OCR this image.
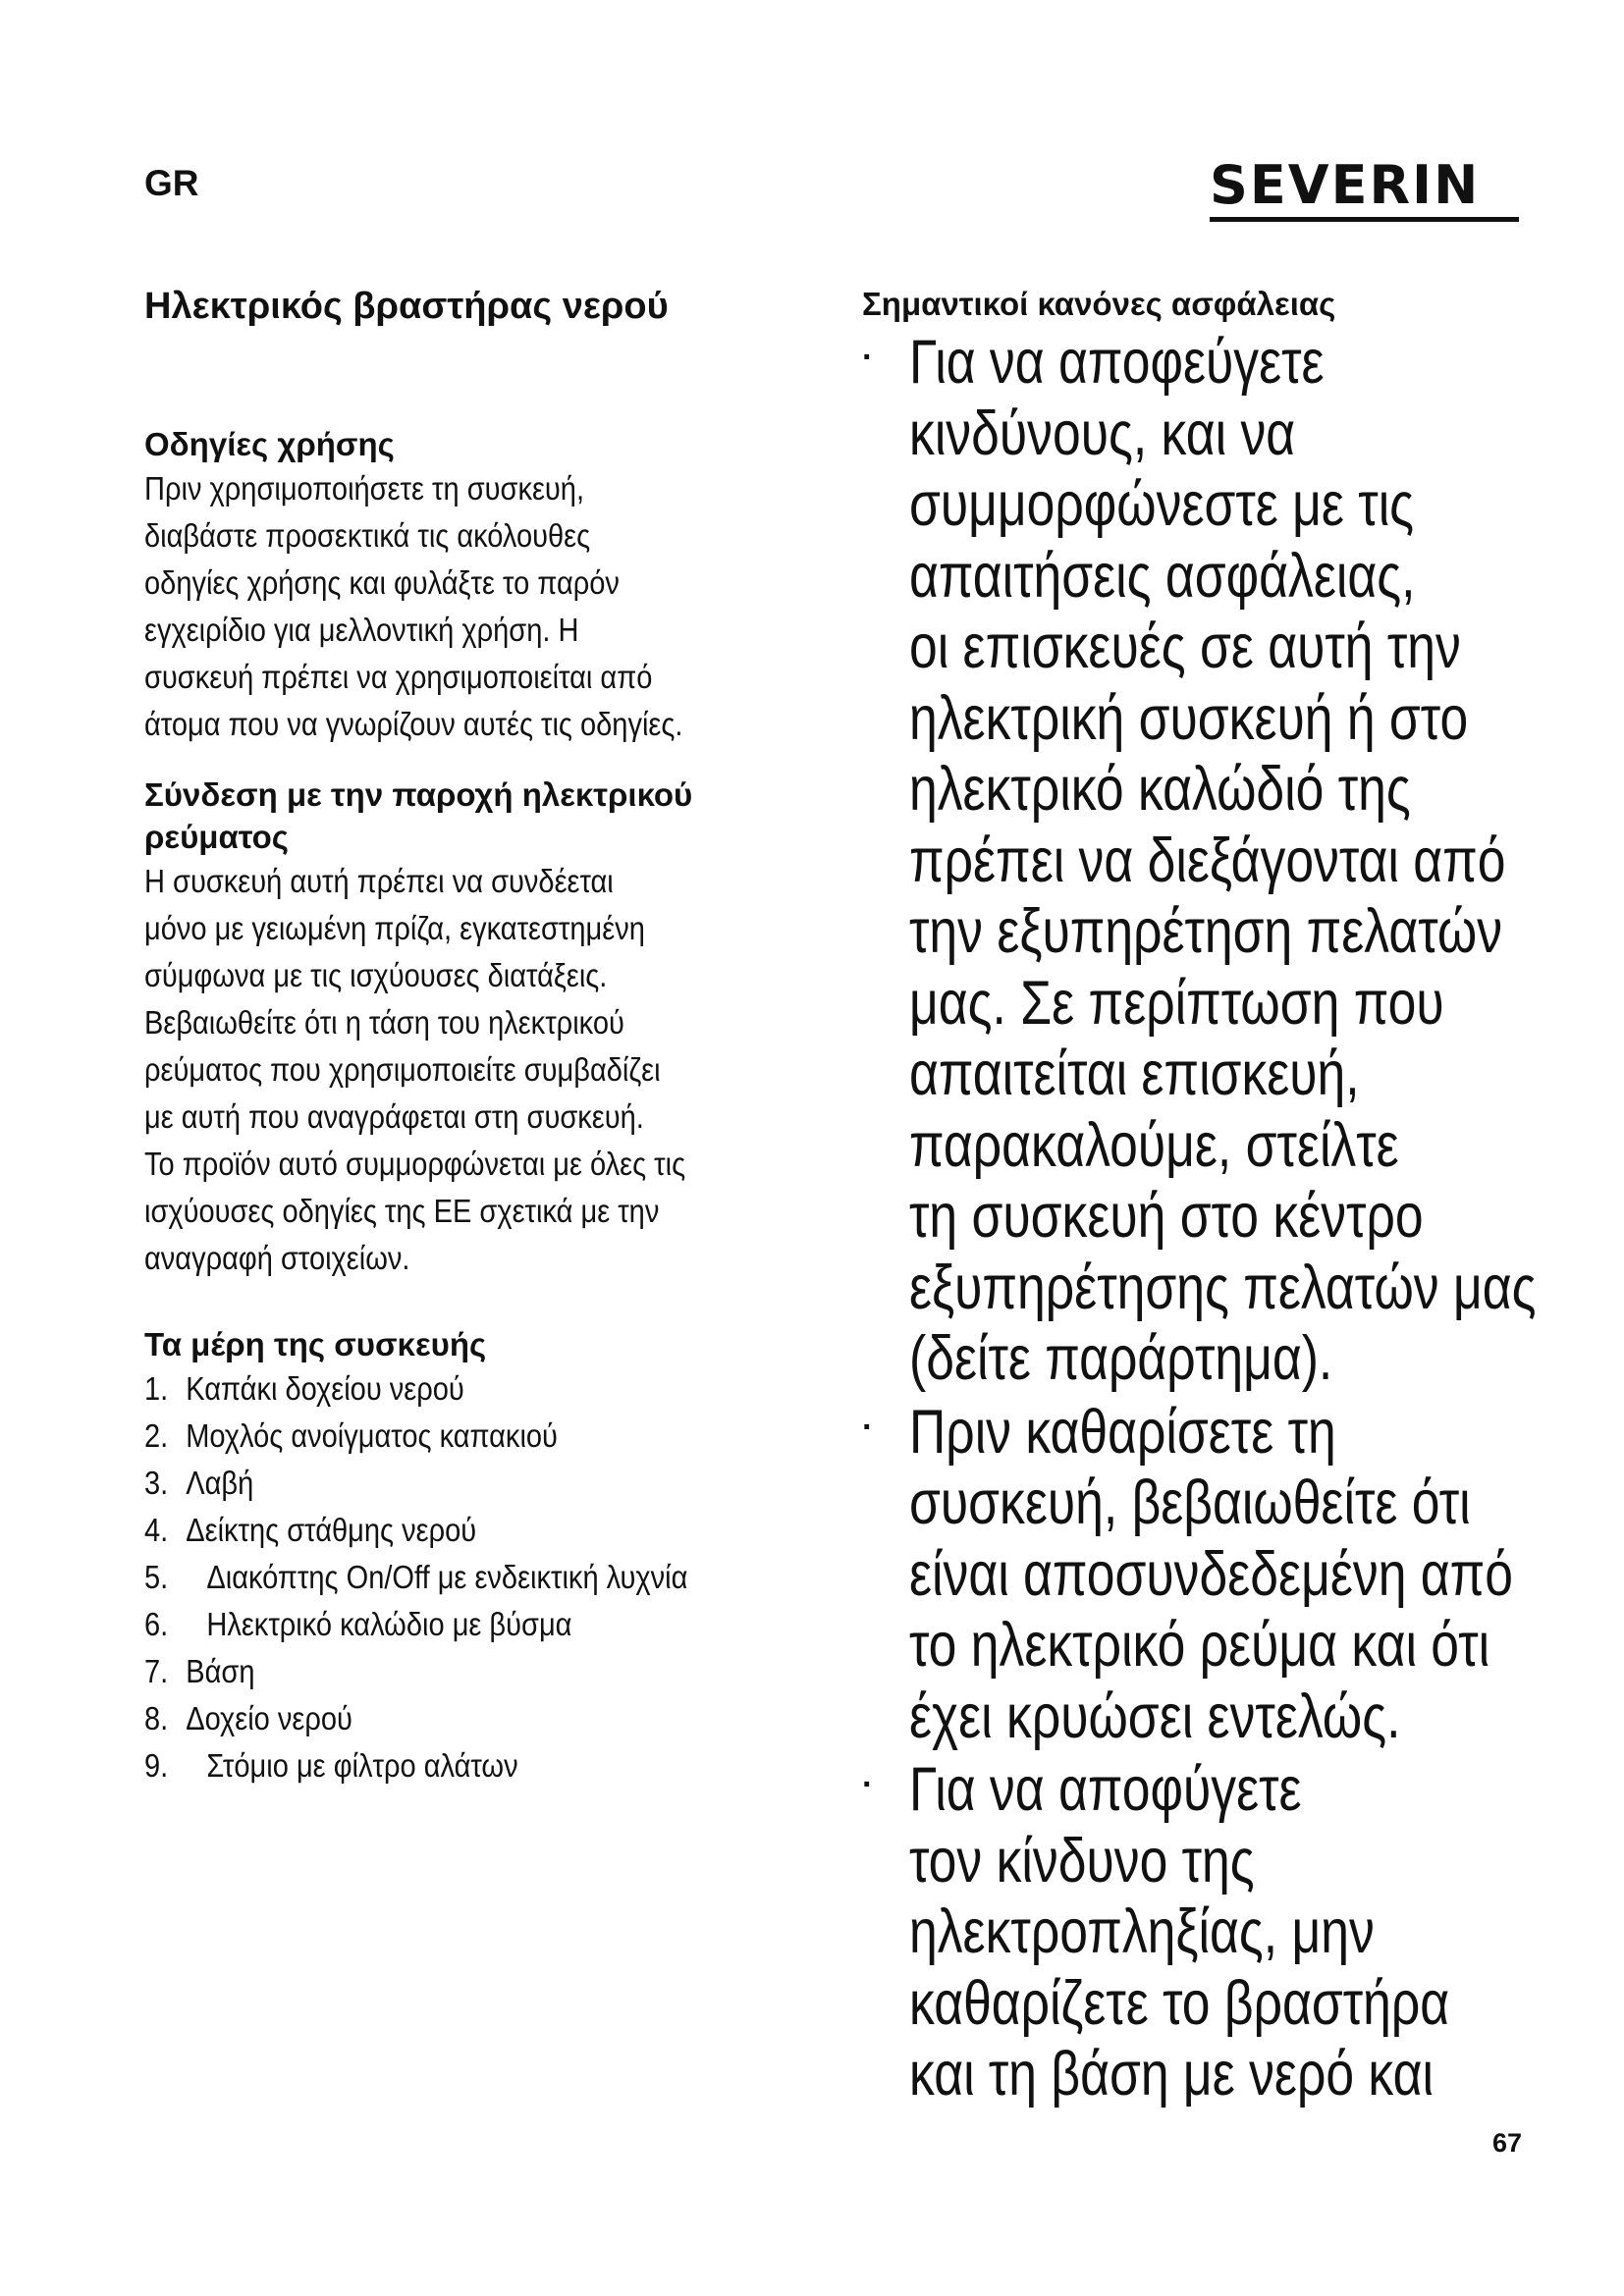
GR	SEVERIN
Ηλεκτρικός βραστήρας νερού

Οδηγίες χρήσης

Πριν χρησιμοποιήσετε τη συσκευή,

διαβάστε προσεκτικά τις ακόλουθες

οδηγίες χρήσης και φυλάξτε το παρόν

εγχειρίδιο για μελλοντική χρήση. Η

συσκευή πρέπει να χρησιμοποιείται από

άτομα που να γνωρίζουν αυτές τις οδηγίες.

Σύνδεση με την παροχή ηλεκτρικού

ρεύματος

Η συσκευή αυτή πρέπει να συνδέεται

μόνο με γειωμένη πρίζα, εγκατεστημένη

σύμφωνα με τις ισχύουσες διατάξεις.

Βεβαιωθείτε ότι η τάση του ηλεκτρικού

ρεύματος που χρησιμοποιείτε συμβαδίζει

με αυτή που αναγράφεται στη συσκευή.

Το προϊόν αυτό συμμορφώνεται με όλες τις

ισχύουσες οδηγίες της ΕΕ σχετικά με την

αναγραφή στοιχείων.

Τα μέρη της συσκευής

1. Καπάκι δοχείου νερού
2. Μοχλός ανοίγματος καπακιού
3. Λαβή
4. Δείκτης στάθμης νερού
5.	Διακόπτης On/Off με ενδεικτική λυχνία
6.	Ηλεκτρικό καλώδιο με βύσμα
7. Βάση
8. Δοχείο νερού
9.	Στόμιο με φίλτρο αλάτων

Σημαντικοί κανόνες ασφάλειας

· Για να αποφεύγετε

κινδύνους, και να

συμμορφώνεστε με τις

απαιτήσεις ασφάλειας,

οι επισκευές σε αυτή την

ηλεκτρική συσκευή ή στο

ηλεκτρικό καλώδιό της

πρέπει να διεξάγονται από

την εξυπηρέτηση πελατών

μας. Σε περίπτωση που

απαιτείται επισκευή,

παρακαλούμε, στείλτε

τη συσκευή στο κέντρο

εξυπηρέτησης πελατών μας

(δείτε παράρτημα).

· Πριν καθαρίσετε τη

συσκευή, βεβαιωθείτε ότι

είναι αποσυνδεδεμένη από

το ηλεκτρικό ρεύμα και ότι

έχει κρυώσει εντελώς.

· Για να αποφύγετε

τον κίνδυνο της

ηλεκτροπληξίας, μην

καθαρίζετε το βραστήρα

και τη βάση με νερό και

67
